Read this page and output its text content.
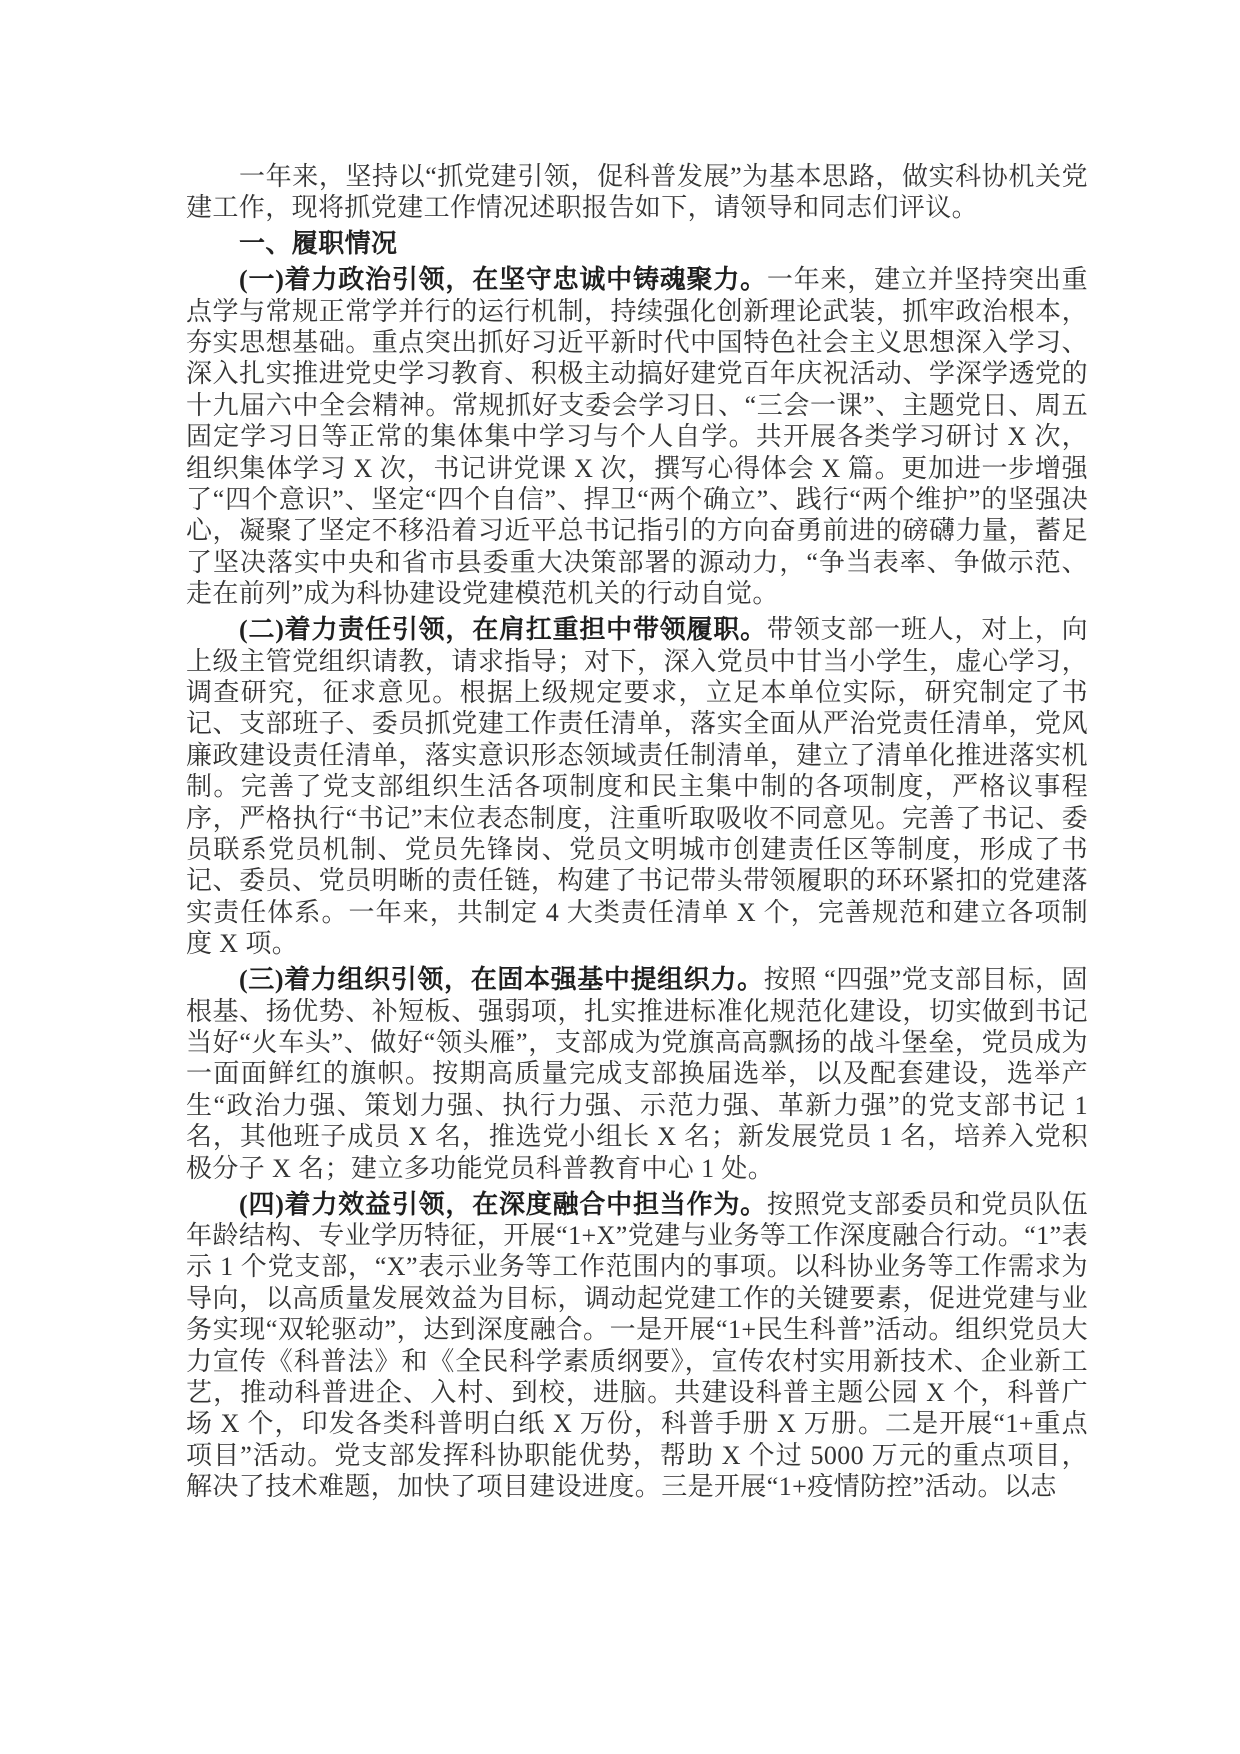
一年来，坚持以“抓党建引领，促科普发展”为基本思路，做实科协机关党建工作，现将抓党建工作情况述职报告如下，请领导和同志们评议。

一、履职情况

(一)着力政治引领，在坚守忠诚中铸魂聚力。一年来，建立并坚持突出重点学与常规正常学并行的运行机制，持续强化创新理论武装，抓牢政治根本，夯实思想基础。重点突出抓好习近平新时代中国特色社会主义思想深入学习、深入扎实推进党史学习教育、积极主动搞好建党百年庆祝活动、学深学透党的十九届六中全会精神。常规抓好支委会学习日、“三会一课”、主题党日、周五固定学习日等正常的集体集中学习与个人自学。共开展各类学习研讨 X 次，组织集体学习 X 次，书记讲党课 X 次，撰写心得体会 X 篇。更加进一步增强了“四个意识”、坚定“四个自信”、捍卫“两个确立”、践行“两个维护”的坚强决心，凝聚了坚定不移沿着习近平总书记指引的方向奋勇前进的磅礴力量，蓄足了坚决落实中央和省市县委重大决策部署的源动力，“争当表率、争做示范、走在前列”成为科协建设党建模范机关的行动自觉。

(二)着力责任引领，在肩扛重担中带领履职。带领支部一班人，对上，向上级主管党组织请教，请求指导；对下，深入党员中甘当小学生，虚心学习，调查研究，征求意见。根据上级规定要求，立足本单位实际，研究制定了书记、支部班子、委员抓党建工作责任清单，落实全面从严治党责任清单，党风廉政建设责任清单，落实意识形态领域责任制清单，建立了清单化推进落实机制。完善了党支部组织生活各项制度和民主集中制的各项制度，严格议事程序，严格执行“书记”末位表态制度，注重听取吸收不同意见。完善了书记、委员联系党员机制、党员先锋岗、党员文明城市创建责任区等制度，形成了书记、委员、党员明晰的责任链，构建了书记带头带领履职的环环紧扣的党建落实责任体系。一年来，共制定 4 大类责任清单 X 个，完善规范和建立各项制度 X 项。

(三)着力组织引领，在固本强基中提组织力。按照 “四强”党支部目标，固根基、扬优势、补短板、强弱项，扎实推进标准化规范化建设，切实做到书记当好“火车头”、做好“领头雁”，支部成为党旗高高飘扬的战斗堡垒，党员成为一面面鲜红的旗帜。按期高质量完成支部换届选举，以及配套建设，选举产生“政治力强、策划力强、执行力强、示范力强、革新力强”的党支部书记 1 名，其他班子成员 X 名，推选党小组长 X 名；新发展党员 1 名，培养入党积极分子 X 名；建立多功能党员科普教育中心 1 处。

(四)着力效益引领，在深度融合中担当作为。按照党支部委员和党员队伍年龄结构、专业学历特征，开展“1+X”党建与业务等工作深度融合行动。“1”表示 1 个党支部，“X”表示业务等工作范围内的事项。以科协业务等工作需求为导向，以高质量发展效益为目标，调动起党建工作的关键要素，促进党建与业务实现“双轮驱动”，达到深度融合。一是开展“1+民生科普”活动。组织党员大力宣传《科普法》和《全民科学素质纲要》，宣传农村实用新技术、企业新工艺，推动科普进企、入村、到校，进脑。共建设科普主题公园 X 个，科普广场 X 个，印发各类科普明白纸 X 万份，科普手册 X 万册。二是开展“1+重点项目”活动。党支部发挥科协职能优势，帮助 X 个过 5000 万元的重点项目，解决了技术难题，加快了项目建设进度。三是开展“1+疫情防控”活动。以志
